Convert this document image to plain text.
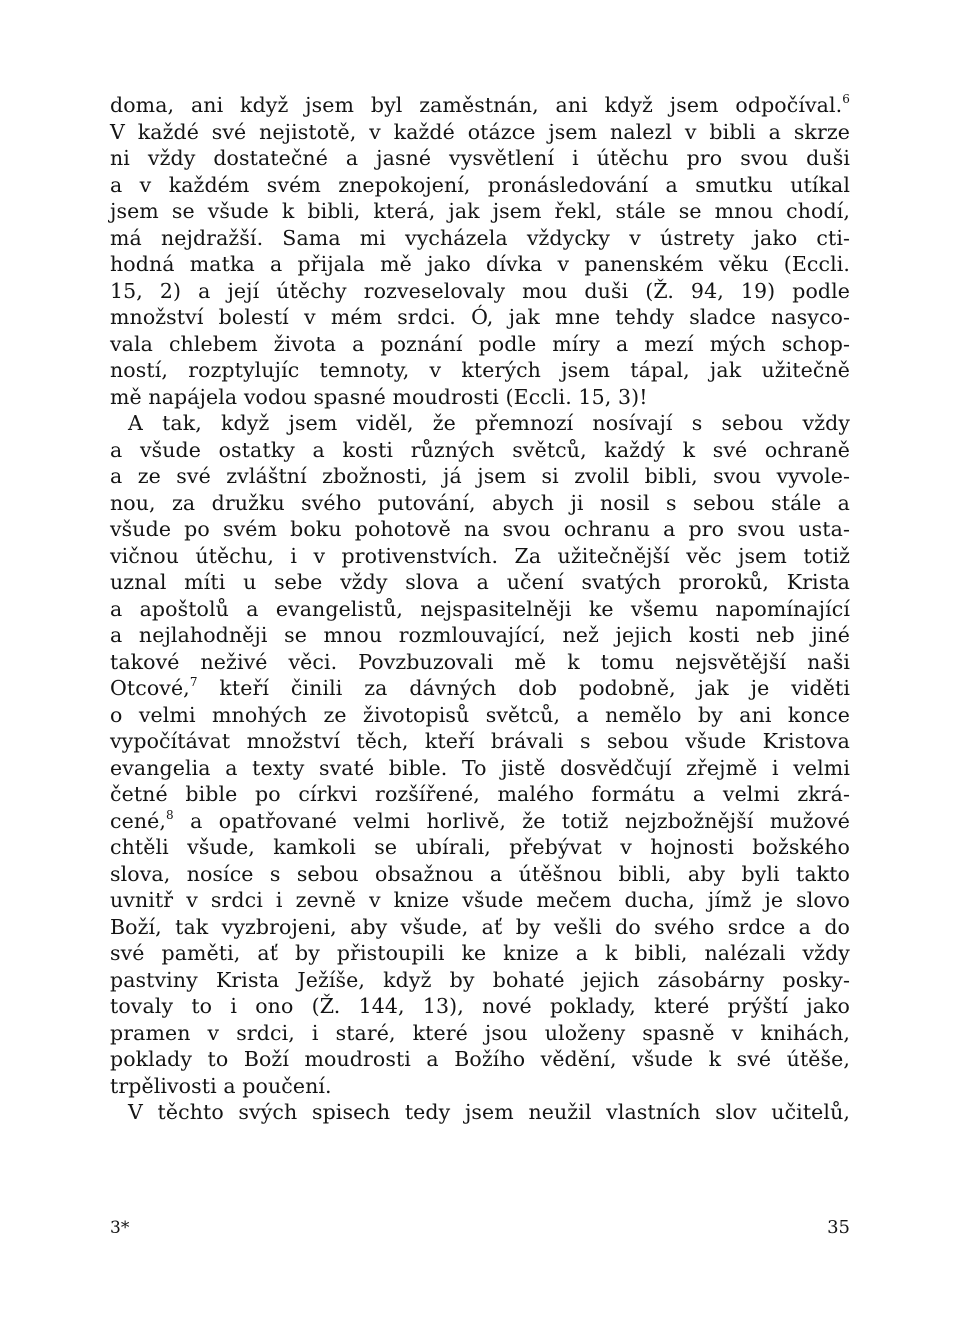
doma, ani když jsem byl zaměstnán, ani když jsem odpočíval.$^6$
V každé své nejistotě, v každé otázce jsem nalezl v bibli a skrze
ni vždy dostatečné a jasné vysvětlení i útěchu pro svou duši
a v každém svém znepokojení, pronásledování a smutku utíkal
jsem se všude k bibli, která, jak jsem řekl, stále se mnou chodí,
má nejdražší. Sama mi vycházela vždycky v ústrety jako cti-
hodná matka a přijala mě jako dívka v panenském věku (Eccli.
15, 2) a její útěchy rozveselovaly mou duši (Ž. 94, 19) podle
množství bolestí v mém srdci. Ó, jak mne tehdy sladce nasyco-
vala chlebem života a poznání podle míry a mezí mých schop-
ností, rozptylujíc temnoty, v kterých jsem tápal, jak užitečně
mě napájela vodou spasné moudrosti (Eccli. 15, 3)!
A tak, když jsem viděl, že přemnozí nosívají s sebou vždy
a všude ostatky a kosti různých světců, každý k své ochraně
a ze své zvláštní zbožnosti, já jsem si zvolil bibli, svou vyvole-
nou, za družku svého putování, abych ji nosil s sebou stále a
všude po svém boku pohotově na svou ochranu a pro svou usta-
vičnou útěchu, i v protivenstvích. Za užitečnější věc jsem totiž
uznal míti u sebe vždy slova a učení svatých proroků, Krista
a apoštolů a evangelistů, nejspasitelněji ke všemu napomínající
a nejlahodněji se mnou rozmlouvající, než jejich kosti neb jiné
takové neživé věci. Povzbuzovali mě k tomu nejsvětější naši
Otcové,$^7$ kteří činili za dávných dob podobně, jak je viděti
o velmi mnohých ze životopisů světců, a nemělo by ani konce
vypočítávat množství těch, kteří brávali s sebou všude Kristova
evangelia a texty svaté bible. To jistě dosvědčují zřejmě i velmi
četné bible po církvi rozšířené, malého formátu a velmi zkrá-
cené,$^8$ a opatřované velmi horlivě, že totiž nejzbožnější mužové
chtěli všude, kamkoli se ubírali, přebývat v hojnosti božského
slova, nosíce s sebou obsažnou a útěšnou bibli, aby byli takto
uvnitř v srdci i zevně v knize všude mečem ducha, jímž je slovo
Boží, tak vyzbrojeni, aby všude, ať by vešli do svého srdce a do
své paměti, ať by přistoupili ke knize a k bibli, nalézali vždy
pastviny Krista Ježíše, když by bohaté jejich zásobárny posky-
tovaly to i ono (Ž. 144, 13), nové poklady, které prýští jako
pramen v srdci, i staré, které jsou uloženy spasně v knihách,
poklady to Boží moudrosti a Božího vědění, všude k své útěše,
trpělivosti a poučení.
V těchto svých spisech tedy jsem neužil vlastních slov učitelů,
3*	35
